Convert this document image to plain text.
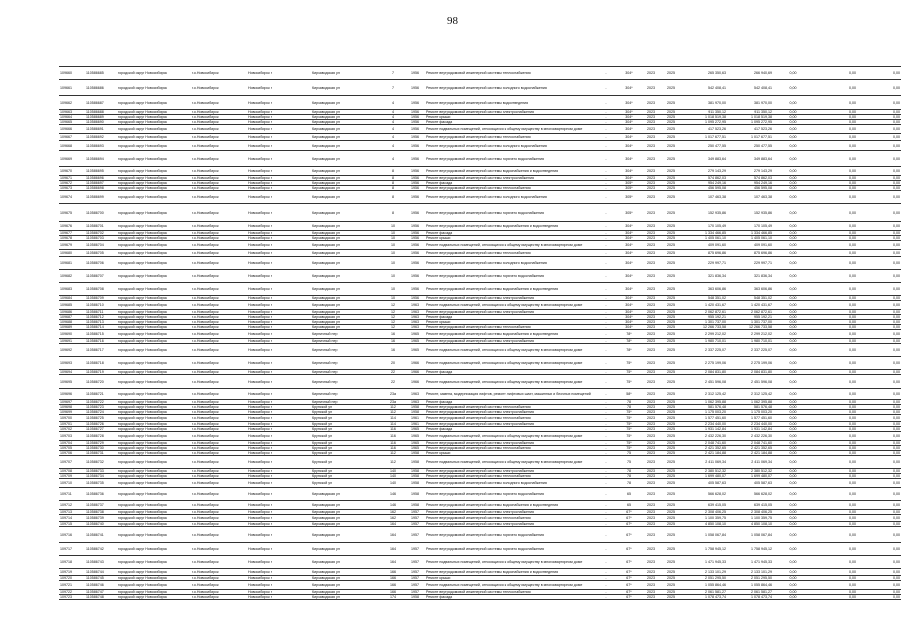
98
109660	110586685	городской округ Новосибирск	г.о.Новосибирск	Новосибирск г	Кирзаводская ул	7	1956	Ремонт внутридомовой инженерной системы теплоснабжения	-	304*	2023	2025	265 350,63	266 940,69	0,00	0,00	0,00
109661	110586686	городской округ Новосибирск	г.о.Новосибирск	Новосибирск г	Кирзаводская ул	7	1956	Ремонт внутридомовой инженерной системы холодного водоснабжения	-	304*	2023	2025	542 408,41	542 408,41	0,00	0,00	0,00
109662	110586687	городской округ Новосибирск	г.о.Новосибирск	Новосибирск г	Кирзаводская ул	4	1956	Ремонт внутридомовой инженерной системы водоотведения	-	304*	2023	2025	381 970,00	381 970,00	0,00	0,00	0,00
109663	110586688	городской округ Новосибирск	г.о.Новосибирск	Новосибирск г	Кирзаводская ул	4	1956	Ремонт внутридомовой инженерной системы электроснабжения	-	304*	2023	2025	911 350,12	911 350,12	0,00	0,00	0,00
109664	110586689	городской округ Новосибирск	г.о.Новосибирск	Новосибирск г	Кирзаводская ул	4	1956	Ремонт крыши	-	304*	2023	2025	1 018 519,38	1 018 519,38	0,00	0,00	0,00
109665	110586690	городской округ Новосибирск	г.о.Новосибирск	Новосибирск г	Кирзаводская ул	4	1956	Ремонт фасада	-	304*	2023	2025	1 095 272,95	1 095 272,95	0,00	0,00	0,00
109666	110586691	городской округ Новосибирск	г.о.Новосибирск	Новосибирск г	Кирзаводская ул	4	1956	Ремонт подвальных помещений, относящихся к общему имуществу в многоквартирном доме	-	304*	2023	2025	417 523,26	417 523,26	0,00	0,00	0,00
109667	110586692	городской округ Новосибирск	г.о.Новосибирск	Новосибирск г	Кирзаводская ул	4	1956	Ремонт внутридомовой инженерной системы теплоснабжения	-	304*	2023	2025	1 017 677,51	1 017 677,51	0,00	0,00	0,00
109668	110586693	городской округ Новосибирск	г.о.Новосибирск	Новосибирск г	Кирзаводская ул	4	1956	Ремонт внутридомовой инженерной системы холодного водоснабжения	-	304*	2023	2025	250 477,55	250 477,55	0,00	0,00	0,00
109669	110586694	городской округ Новосибирск	г.о.Новосибирск	Новосибирск г	Кирзаводская ул	4	1956	Ремонт внутридомовой инженерной системы горячего водоснабжения	-	304*	2023	2025	349 883,64	349 883,64	0,00	0,00	0,00
109670	110586695	городской округ Новосибирск	г.о.Новосибирск	Новосибирск г	Кирзаводская ул	8	1956	Ремонт внутридомовой инженерной системы водоснабжения и водоотведения	-	304*	2023	2025	279 143,29	279 143,29	0,00	0,00	0,00
109671	110586696	городской округ Новосибирск	г.о.Новосибирск	Новосибирск г	Кирзаводская ул	8	1956	Ремонт внутридомовой инженерной системы электроснабжения	-	304*	2023	2025	574 862,03	574 862,03	0,00	0,00	0,00
109672	110586697	городской округ Новосибирск	г.о.Новосибирск	Новосибирск г	Кирзаводская ул	8	1956	Ремонт фасада	-	305*	2023	2025	954 249,16	954 249,16	0,00	0,00	0,00
109673	110586698	городской округ Новосибирск	г.о.Новосибирск	Новосибирск г	Кирзаводская ул	8	1956	Ремонт внутридомовой инженерной системы теплоснабжения	-	305*	2023	2025	456 595,08	456 595,08	0,00	0,00	0,00
109674	110586699	городской округ Новосибирск	г.о.Новосибирск	Новосибирск г	Кирзаводская ул	8	1956	Ремонт внутридомовой инженерной системы холодного водоснабжения	-	305*	2023	2025	107 463,38	107 463,38	0,00	0,00	0,00
109675	110586700	городской округ Новосибирск	г.о.Новосибирск	Новосибирск г	Кирзаводская ул	8	1956	Ремонт внутридомовой инженерной системы горячего водоснабжения	-	305*	2023	2025	152 935,86	152 935,86	0,00	0,00	0,00
109676	110586701	городской округ Новосибирск	г.о.Новосибирск	Новосибирск г	Кирзаводская ул	10	1956	Ремонт внутридомовой инженерной системы водоснабжения и водоотведения	-	304*	2023	2025	170 105,49	170 105,49	0,00	0,00	0,00
109677	110586702	городской округ Новосибирск	г.о.Новосибирск	Новосибирск г	Кирзаводская ул	10	1956	Ремонт фасада	-	304*	2023	2025	1 334 466,85	1 334 466,85	0,00	0,00	0,00
109678	110586703	городской округ Новосибирск	г.о.Новосибирск	Новосибирск г	Кирзаводская ул	10	1956	Ремонт крыши	-	304*	2023	2025	1 405 061,10	1 405 061,10	0,00	0,00	0,00
109679	110586704	городской округ Новосибирск	г.о.Новосибирск	Новосибирск г	Кирзаводская ул	10	1956	Ремонт подвальных помещений, относящихся к общему имуществу в многоквартирном доме	-	304*	2023	2025	409 091,60	409 091,60	0,00	0,00	0,00
109680	110586705	городской округ Новосибирск	г.о.Новосибирск	Новосибирск г	Кирзаводская ул	10	1956	Ремонт внутридомовой инженерной системы теплоснабжения	-	304*	2023	2025	875 696,86	875 696,86	0,00	0,00	0,00
109681	110586706	городской округ Новосибирск	г.о.Новосибирск	Новосибирск г	Кирзаводская ул	10	1956	Ремонт внутридомовой инженерной системы холодного водоснабжения	-	304*	2023	2025	229 997,71	229 997,71	0,00	0,00	0,00
109682	110586707	городской округ Новосибирск	г.о.Новосибирск	Новосибирск г	Кирзаводская ул	10	1956	Ремонт внутридомовой инженерной системы горячего водоснабжения	-	304*	2023	2025	321 836,34	321 836,34	0,00	0,00	0,00
109683	110586708	городской округ Новосибирск	г.о.Новосибирск	Новосибирск г	Кирзаводская ул	10	1956	Ремонт внутридомовой инженерной системы водоснабжения и водоотведения	-	304*	2023	2025	363 606,86	363 606,86	0,00	0,00	0,00
109684	110586709	городской округ Новосибирск	г.о.Новосибирск	Новосибирск г	Кирзаводская ул	10	1956	Ремонт внутридомовой инженерной системы электроснабжения	-	304*	2023	2025	548 351,02	548 351,02	0,00	0,00	0,00
109685	110586710	городской округ Новосибирск	г.о.Новосибирск	Новосибирск г	Кирзаводская ул	12	1963	Ремонт подвальных помещений, относящихся к общему имуществу в многоквартирном доме	-	304*	2023	2025	1 420 431,67	1 420 431,67	0,00	0,00	0,00
109686	110586711	городской округ Новосибирск	г.о.Новосибирск	Новосибирск г	Кирзаводская ул	12	1963	Ремонт внутридомовой инженерной системы электроснабжения	-	304*	2023	2025	2 062 872,61	2 062 872,61	0,00	0,00	0,00
109687	110586712	городской округ Новосибирск	г.о.Новосибирск	Новосибирск г	Кирзаводская ул	12	1963	Ремонт фасада	-	304*	2023	2025	955 192,21	955 192,21	0,00	0,00	0,00
109688	110586713	городской округ Новосибирск	г.о.Новосибирск	Новосибирск г	Кирзаводская ул	12	1963	Ремонт крыши	-	304*	2023	2025	1 301 737,00	1 301 737,00	0,00	0,00	0,00
109689	110586714	городской округ Новосибирск	г.о.Новосибирск	Новосибирск г	Кирзаводская ул	12	1963	Ремонт внутридомовой инженерной системы теплоснабжения	-	304*	2023	2025	12 266 733,58	12 266 733,58	0,00	0,00	0,00
109690	110586715	городской округ Новосибирск	г.о.Новосибирск	Новосибирск г	Кирпичный пер	16	1965	Ремонт внутридомовой инженерной системы водоснабжения и водоотведения	-	78*	2023	2025	2 299 212,02	2 299 212,02	0,00	0,00	0,00
109691	110586716	городской округ Новосибирск	г.о.Новосибирск	Новосибирск г	Кирпичный пер	16	1965	Ремонт внутридомовой инженерной системы электроснабжения	-	78*	2023	2025	1 980 710,01	1 980 710,01	0,00	0,00	0,00
109692	110586717	городской округ Новосибирск	г.о.Новосибирск	Новосибирск г	Кирпичный пер	16	1965	Ремонт подвальных помещений, относящихся к общему имуществу в многоквартирном доме	-	78*	2023	2025	2 337 225,07	2 337 225,07	0,00	0,00	0,00
109693	110586718	городской округ Новосибирск	г.о.Новосибирск	Новосибирск г	Кирпичный пер	20	1966	Ремонт подвальных помещений, относящихся к общему имуществу в многоквартирном доме	-	75*	2023	2025	2 275 199,06	2 275 199,06	0,00	0,00	0,00
109694	110586719	городской округ Новосибирск	г.о.Новосибирск	Новосибирск г	Кирпичный пер	22	1966	Ремонт фасада	-	75*	2023	2025	2 084 831,80	2 084 831,80	0,00	0,00	0,00
109695	110586720	городской округ Новосибирск	г.о.Новосибирск	Новосибирск г	Кирпичный пер	22	1966	Ремонт подвальных помещений, относящихся к общему имуществу в многоквартирном доме	-	75*	2023	2025	2 451 596,08	2 451 596,08	0,00	0,00	0,00
109696	110586721	городской округ Новосибирск	г.о.Новосибирск	Новосибирск г	Кирпичный пер	23а	1963	Ремонт, замена, модернизация лифтов, ремонт лифтовых шахт, машинных и блочных помещений	-	58*	2023	2025	2 312 125,42	2 312 125,42	0,00	0,00	0,00
109697	110586722	городской округ Новосибирск	г.о.Новосибирск	Новосибирск г	Кирпичный пер	23а	1963	Ремонт фасада	-	78	2023	2025	1 062 395,88	1 062 395,88	0,00	0,00	0,00
109698	110586723	городской округ Новосибирск	г.о.Новосибирск	Новосибирск г	Крупской ул	112	1958	Ремонт внутридомовой инженерной системы теплоснабжения	-	78	2023	2025	581 576,48	581 576,48	0,00	0,00	0,00
109699	110586724	городской округ Новосибирск	г.о.Новосибирск	Новосибирск г	Крупской ул	112	1958	Ремонт внутридомовой инженерной системы электроснабжения	-	75*	2023	2025	1 175 003,20	1 175 003,20	0,00	0,00	0,00
109700	110586725	городской округ Новосибирск	г.о.Новосибирск	Новосибирск г	Крупской ул	114	1961	Ремонт внутридомовой инженерной системы теплоснабжения	-	75*	2023	2025	1 577 451,60	1 577 451,60	0,00	0,00	0,00
109701	110586726	городской округ Новосибирск	г.о.Новосибирск	Новосибирск г	Крупской ул	114	1961	Ремонт внутридомовой инженерной системы электроснабжения	-	75*	2023	2025	2 234 440,00	2 234 440,00	0,00	0,00	0,00
109702	110586727	городской округ Новосибирск	г.о.Новосибирск	Новосибирск г	Крупской ул	116	1965	Ремонт фасада	-	75*	2023	2025	1 931 142,84	1 931 142,84	0,00	0,00	0,00
109703	110586728	городской округ Новосибирск	г.о.Новосибирск	Новосибирск г	Крупской ул	116	1965	Ремонт подвальных помещений, относящихся к общему имуществу в многоквартирном доме	-	75*	2023	2025	2 432 226,30	2 432 226,30	0,00	0,00	0,00
109704	110586729	городской округ Новосибирск	г.о.Новосибирск	Новосибирск г	Крупской ул	116	1965	Ремонт внутридомовой инженерной системы электроснабжения	-	75*	2023	2025	2 048 741,60	2 048 741,60	0,00	0,00	0,00
109705	110586730	городской округ Новосибирск	г.о.Новосибирск	Новосибирск г	Крупской ул	116	1965	Ремонт внутридомовой инженерной системы теплоснабжения	-	75*	2023	2025	2 421 352,65	2 421 352,65	0,00	0,00	0,00
109706	110586731	городской округ Новосибирск	г.о.Новосибирск	Новосибирск г	Крупской ул	112	1958	Ремонт крыши	-	75	2023	2025	2 421 184,88	2 421 184,88	0,00	0,00	0,00
109707	110586732	городской округ Новосибирск	г.о.Новосибирск	Новосибирск г	Крупской ул	112	1958	Ремонт подвальных помещений, относящихся к общему имуществу в многоквартирном доме	-	75	2023	2025	2 411 069,34	2 411 069,34	0,00	0,00	0,00
109708	110586733	городской округ Новосибирск	г.о.Новосибирск	Новосибирск г	Крупской ул	140	1958	Ремонт внутридомовой инженерной системы электроснабжения	-	78	2023	2025	2 380 512,32	2 380 512,32	0,00	0,00	0,00
109709	110586734	городской округ Новосибирск	г.о.Новосибирск	Новосибирск г	Крупской ул	140	1958	Ремонт внутридомовой инженерной системы теплоснабжения	-	78	2023	2025	1 699 480,07	1 699 480,07	0,00	0,00	0,00
109710	110586735	городской округ Новосибирск	г.о.Новосибирск	Новосибирск г	Крупской ул	140	1958	Ремонт внутридомовой инженерной системы холодного водоснабжения	-	78	2023	2025	405 587,63	405 587,63	0,00	0,00	0,00
109711	110586736	городской округ Новосибирск	г.о.Новосибирск	Новосибирск г	Кирзаводская ул	146	1958	Ремонт внутридомовой инженерной системы горячего водоснабжения	-	65	2023	2025	566 628,02	566 628,02	0,00	0,00	0,00
109712	110586737	городской округ Новосибирск	г.о.Новосибирск	Новосибирск г	Кирзаводская ул	146	1958	Ремонт внутридомовой инженерной системы водоснабжения и водоотведения	-	65	2023	2025	639 415,05	639 415,05	0,00	0,00	0,00
109713	110586738	городской округ Новосибирск	г.о.Новосибирск	Новосибирск г	Кирзаводская ул	162	1957	Ремонт внутридомовой инженерной системы электроснабжения	-	67*	2023	2025	2 308 406,25	2 308 406,25	0,00	0,00	0,00
109714	110586739	городской округ Новосибирск	г.о.Новосибирск	Новосибирск г	Кирзаводская ул	162	1957	Ремонт внутридомовой инженерной системы теплоснабжения	-	67*	2023	2025	1 100 359,75	1 100 359,75	0,00	0,00	0,00
109715	110586740	городской округ Новосибирск	г.о.Новосибирск	Новосибирск г	Кирзаводская ул	164	1957	Ремонт внутридомовой инженерной системы электроснабжения	-	67*	2023	2025	4 850 108,10	4 850 108,10	0,00	0,00	0,00
109716	110586741	городской округ Новосибирск	г.о.Новосибирск	Новосибирск г	Кирзаводская ул	164	1957	Ремонт внутридомовой инженерной системы горячего водоснабжения	-	67*	2023	2025	1 058 067,84	1 058 067,84	0,00	0,00	0,00
109717	110586742	городской округ Новосибирск	г.о.Новосибирск	Новосибирск г	Кирзаводская ул	164	1957	Ремонт внутридомовой инженерной системы горячего водоснабжения	-	67*	2023	2025	1 758 945,12	1 758 945,12	0,00	0,00	0,00
109718	110586743	городской округ Новосибирск	г.о.Новосибирск	Новосибирск г	Кирзаводская ул	164	1957	Ремонт подвальных помещений, относящихся к общему имуществу в многоквартирном доме	-	67*	2023	2025	1 471 945,33	1 471 945,33	0,00	0,00	0,00
109719	110586744	городской округ Новосибирск	г.о.Новосибирск	Новосибирск г	Кирзаводская ул	166	1957	Ремонт внутридомовой инженерной системы водоснабжения и водоотведения	-	67*	2023	2025	2 133 101,29	2 133 101,29	0,00	0,00	0,00
109720	110586745	городской округ Новосибирск	г.о.Новосибирск	Новосибирск г	Кирзаводская ул	166	1957	Ремонт крыши	-	67*	2023	2025	2 051 295,50	2 051 295,50	0,00	0,00	0,00
109721	110586746	городской округ Новосибирск	г.о.Новосибирск	Новосибирск г	Кирзаводская ул	166	1957	Ремонт подвальных помещений, относящихся к общему имуществу в многоквартирном доме	-	67*	2023	2025	1 055 864,46	1 055 864,46	0,00	0,00	0,00
109722	110586747	городской округ Новосибирск	г.о.Новосибирск	Новосибирск г	Кирзаводская ул	166	1957	Ремонт внутридомовой инженерной системы теплоснабжения	-	67*	2023	2025	2 061 581,27	2 061 581,27	0,00	0,00	0,00
109723	110586748	городской округ Новосибирск	г.о.Новосибирск	Новосибирск г	Кирзаводская ул	174	1958	Ремонт фасада	-	67*	2023	2025	1 078 473,74	1 078 473,74	0,00	0,00	0,00
